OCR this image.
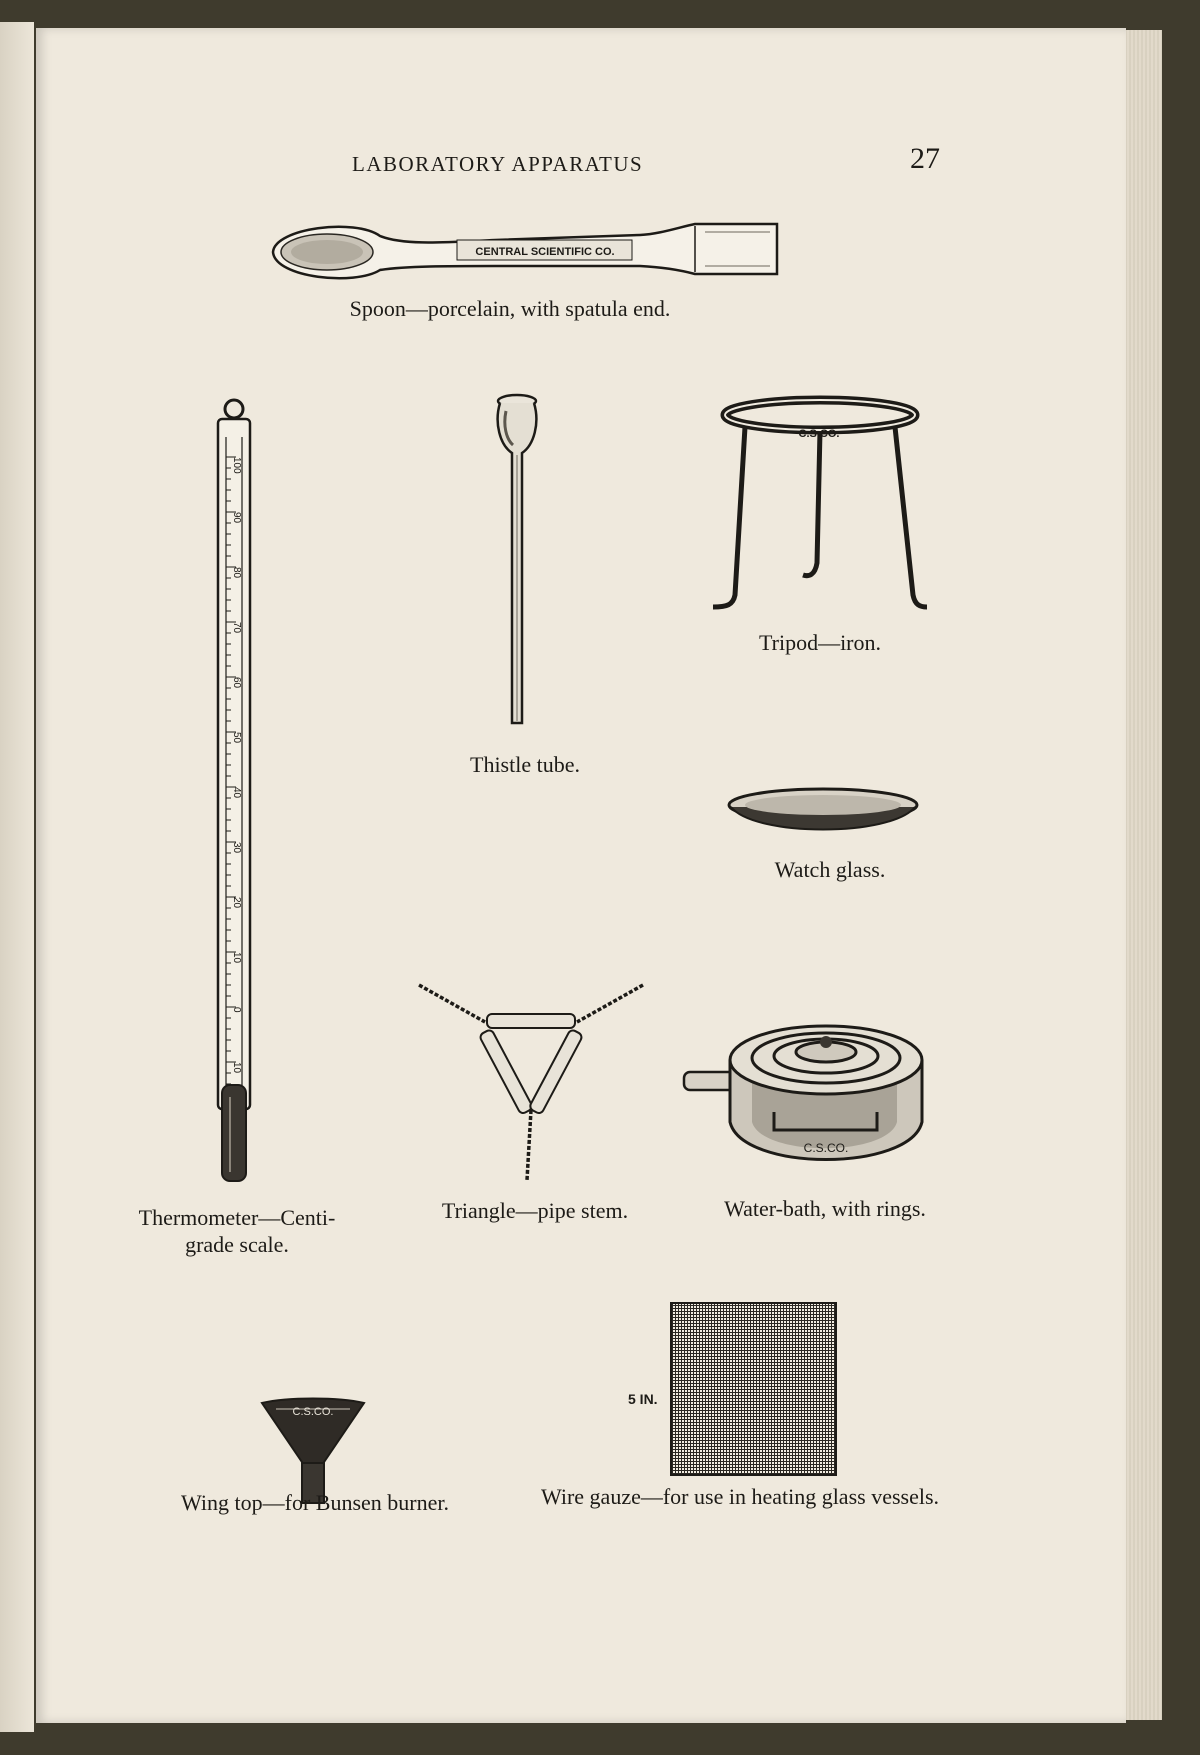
LABORATORY APPARATUS	27
CENTRAL SCIENTIFIC CO.
Spoon—porcelain, with spatula end.
100
90
80
70
60
50
40
30
20
10
0
10
Thermometer—Centi-
grade scale.
Thistle tube.
C.S.CO.
Tripod—iron.
Watch glass.
Triangle—pipe stem.
C.S.CO.
Water-bath, with rings.
C.S.CO.
Wing top—for Bunsen burner.
5 IN.
Wire gauze—for use in heating glass vessels.
